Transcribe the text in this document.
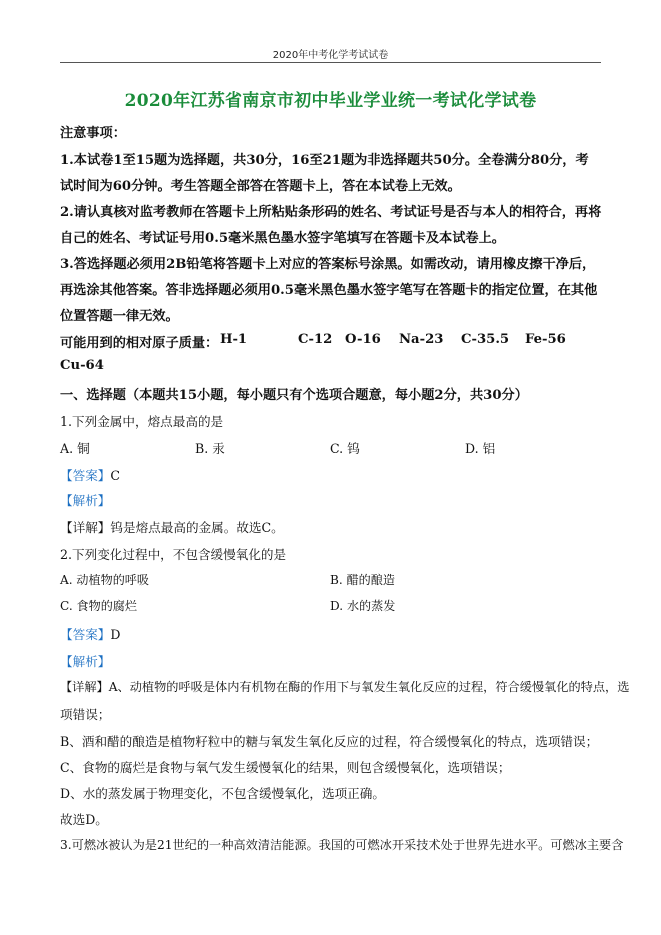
2020年中考化学考试试卷
2020年江苏省南京市初中毕业学业统一考试化学试卷
注意事项：
1.本试卷1至15题为选择题，共30分，16至21题为非选择题共50分。全卷满分80分，考
试时间为60分钟。考生答题全部答在答题卡上，答在本试卷上无效。
2.请认真核对监考教师在答题卡上所粘贴条形码的姓名、考试证号是否与本人的相符合，再将
自己的姓名、考试证号用0.5毫米黑色墨水签字笔填写在答题卡及本试卷上。
3.答选择题必须用2B铅笔将答题卡上对应的答案标号涂黑。如需改动，请用橡皮擦干净后，
再选涂其他答案。答非选择题必须用0.5毫米黑色墨水签字笔写在答题卡的指定位置，在其他
位置答题一律无效。
可能用到的相对原子质量： H-1	C-12 O-16 Na-23 C-35.5 Fe-56
Cu-64
一、选择题（本题共15小题，每小题只有个选项合题意，每小题2分，共30分）
1.下列金属中，熔点最高的是
A. 铜	B. 汞	C. 钨	D. 铝
【答案】C
【解析】
【详解】钨是熔点最高的金属。故选C。
2.下列变化过程中，不包含缓慢氧化的是
A. 动植物的呼吸	B. 醋的酿造
C. 食物的腐烂	D. 水的蒸发
【答案】D
【解析】
【详解】A、动植物的呼吸是体内有机物在酶的作用下与氧发生氧化反应的过程，符合缓慢氧化的特点，选
项错误；
B、酒和醋的酿造是植物籽粒中的糖与氧发生氧化反应的过程，符合缓慢氧化的特点，选项错误；
C、食物的腐烂是食物与氧气发生缓慢氧化的结果，则包含缓慢氧化，选项错误；
D、水的蒸发属于物理变化，不包含缓慢氧化，选项正确。
故选D。
3.可燃冰被认为是21世纪的一种高效清洁能源。我国的可燃冰开采技术处于世界先进水平。可燃冰主要含
